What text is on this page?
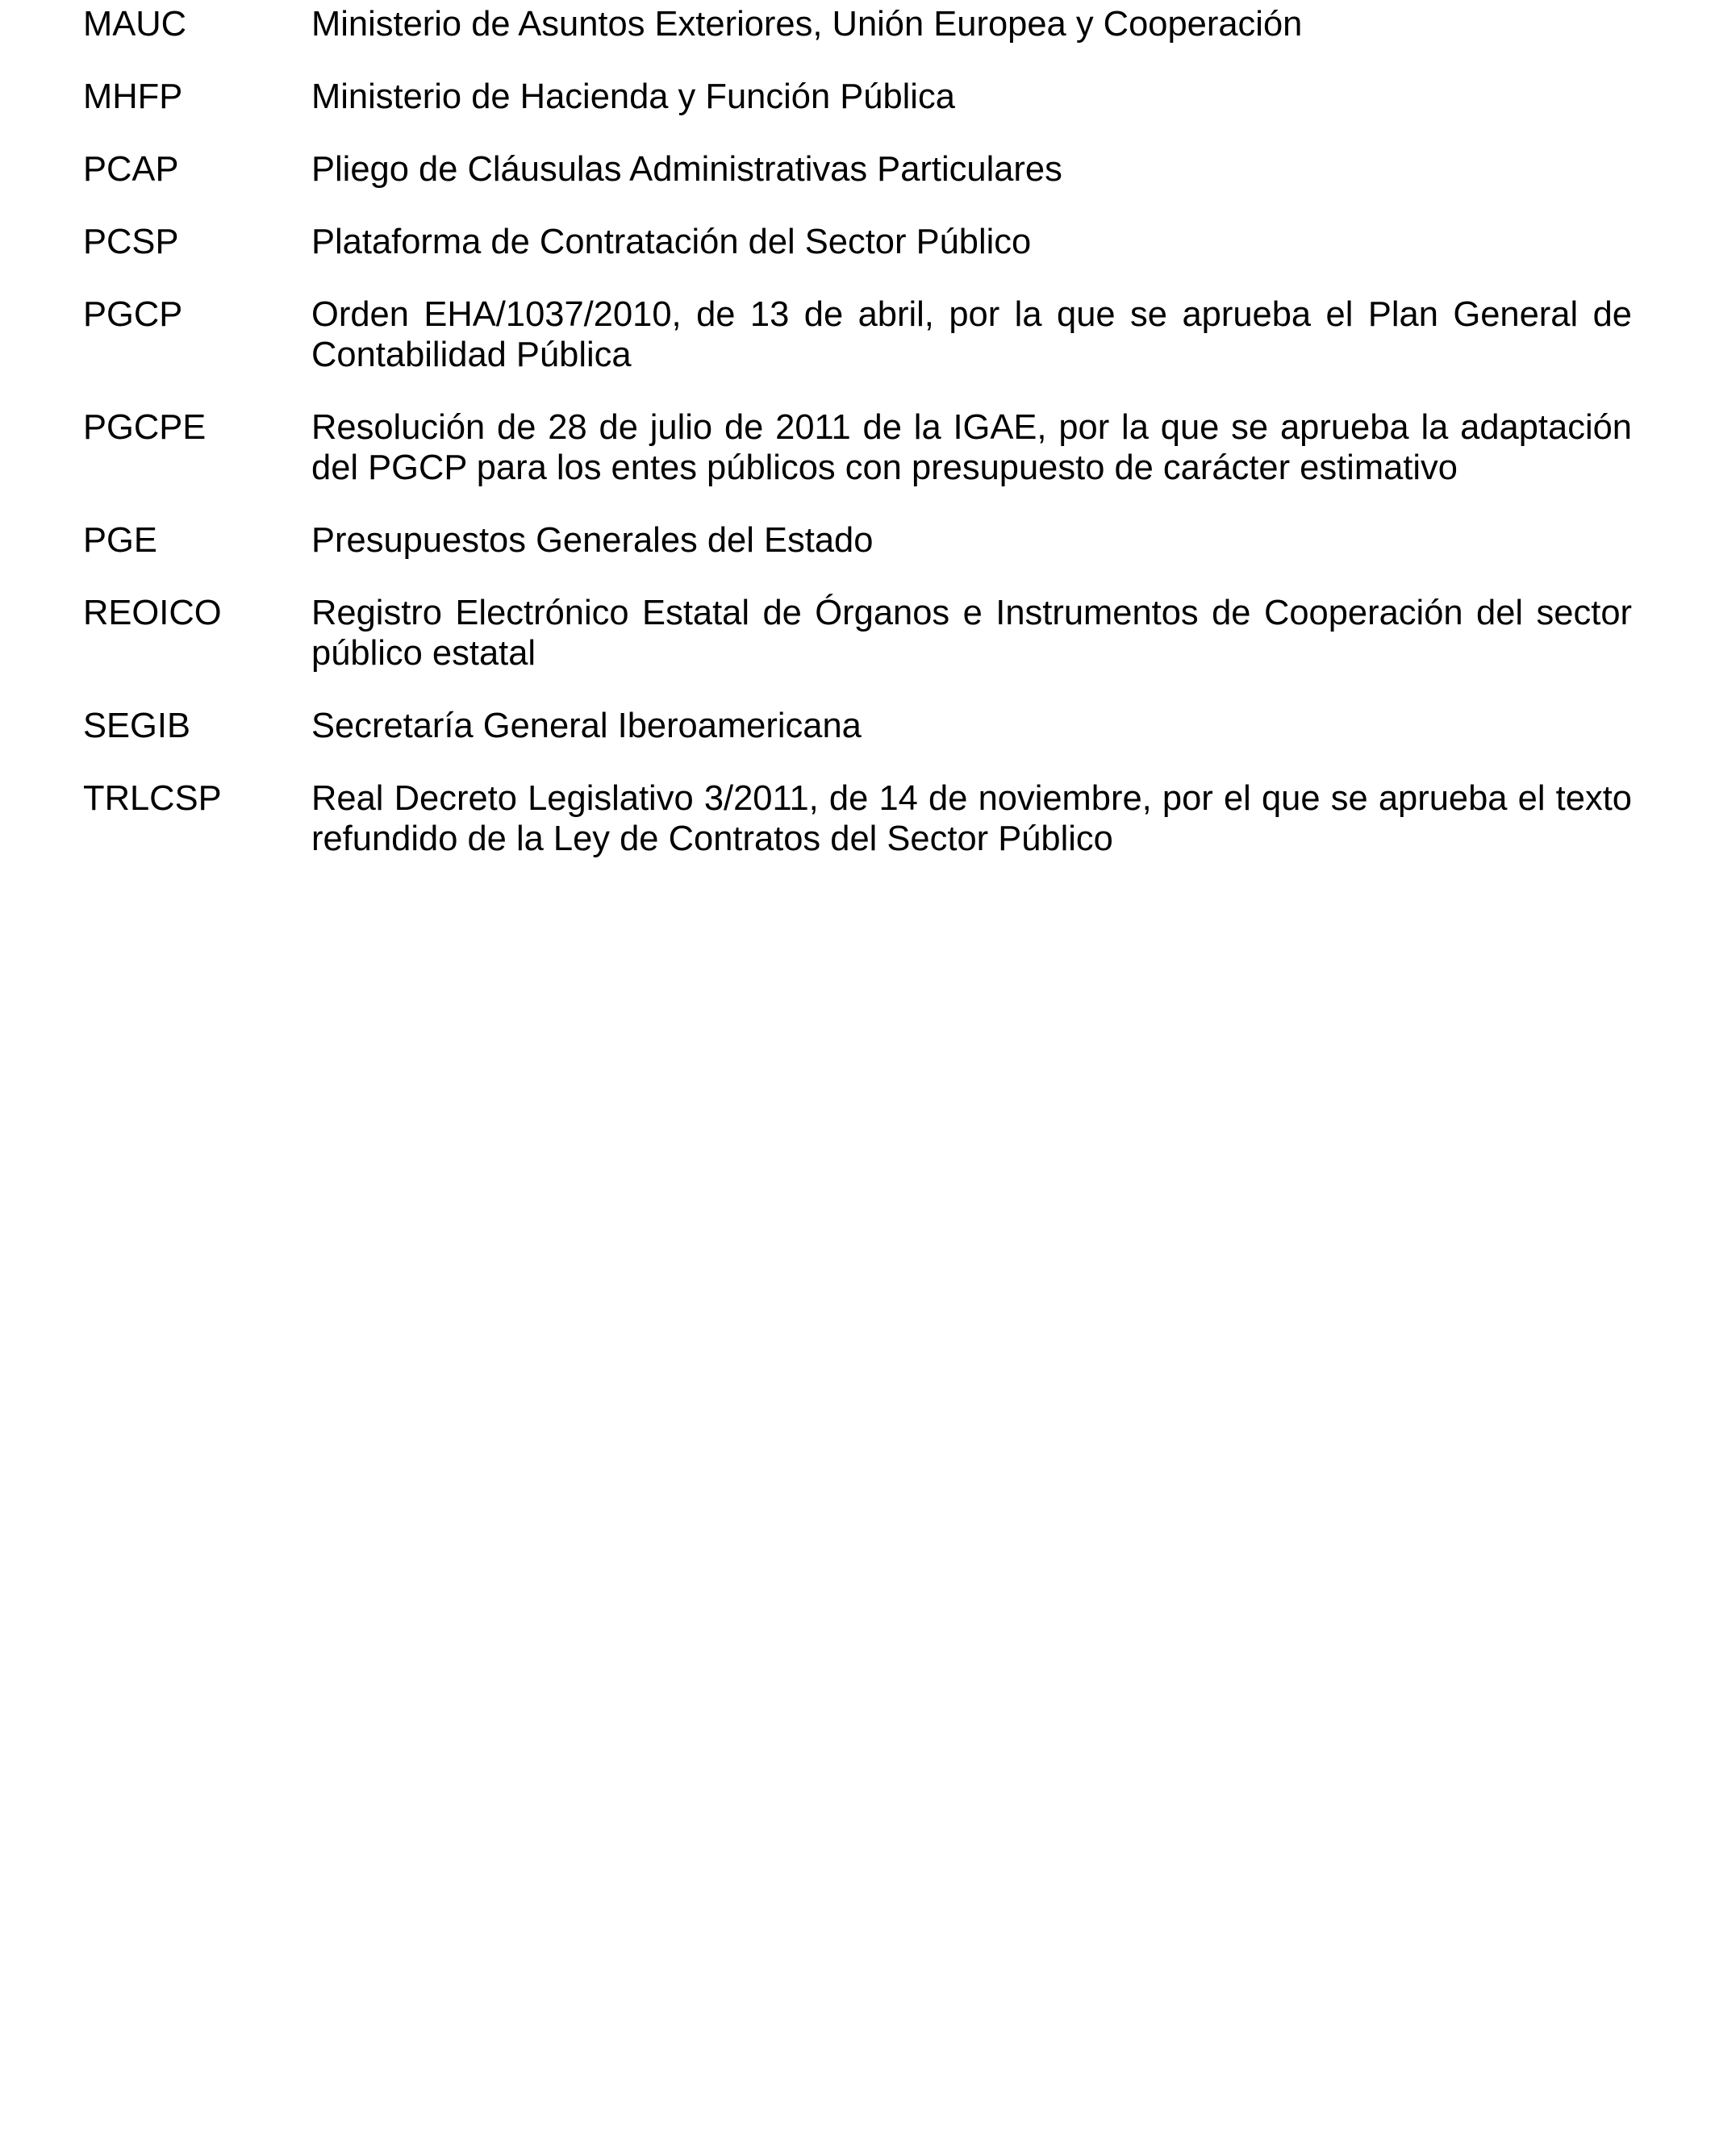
MAUC	Ministerio de Asuntos Exteriores, Unión Europea y Cooperación
MHFP	Ministerio de Hacienda y Función Pública
PCAP	Pliego de Cláusulas Administrativas Particulares
PCSP	Plataforma de Contratación del Sector Público
PGCP	Orden EHA/1037/2010, de 13 de abril, por la que se aprueba el Plan General de Contabilidad Pública
PGCPE	Resolución de 28 de julio de 2011 de la IGAE, por la que se aprueba la adaptación del PGCP para los entes públicos con presupuesto de carácter estimativo
PGE	Presupuestos Generales del Estado
REOICO	Registro Electrónico Estatal de Órganos e Instrumentos de Cooperación del sector público estatal
SEGIB	Secretaría General Iberoamericana
TRLCSP	Real Decreto Legislativo 3/2011, de 14 de noviembre, por el que se aprueba el texto refundido de la Ley de Contratos del Sector Público
